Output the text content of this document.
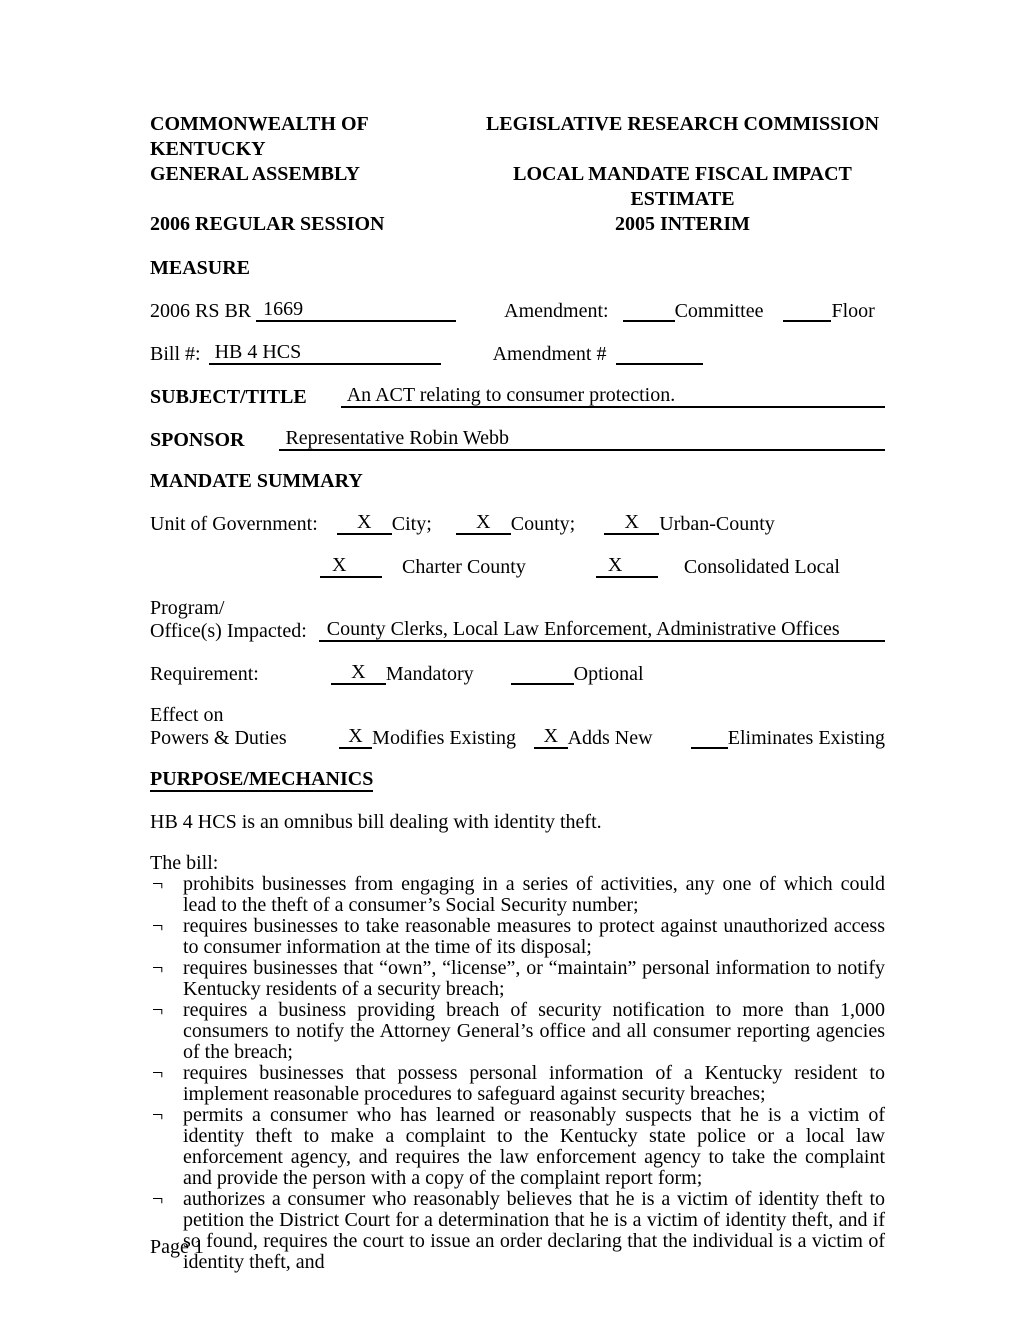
COMMONWEALTH OF KENTUCKY
LEGISLATIVE RESEARCH COMMISSION
GENERAL ASSEMBLY	LOCAL MANDATE FISCAL IMPACT ESTIMATE
2006 REGULAR SESSION	2005 INTERIM
MEASURE
2006 RS BR 1669	Amendment:	Committee	Floor
Bill #: HB 4 HCS	Amendment #
SUBJECT/TITLE	An ACT relating to consumer protection.
SPONSOR	Representative Robin Webb
MANDATE SUMMARY
Unit of Government:	X	City;	X	County;	X	Urban-County
X	Charter County	X	Consolidated Local
Program/
Office(s) Impacted:	County Clerks, Local Law Enforcement, Administrative Offices
Requirement:	X	Mandatory	Optional
Effect on
Powers & Duties	X Modifies Existing	X Adds New	Eliminates Existing
PURPOSE/MECHANICS
HB 4 HCS is an omnibus bill dealing with identity theft.
The bill:
¬ prohibits businesses from engaging in a series of activities, any one of which could lead to the theft of a consumer’s Social Security number;
¬ requires businesses to take reasonable measures to protect against unauthorized access to consumer information at the time of its disposal;
¬ requires businesses that “own”, “license”, or “maintain” personal information to notify Kentucky residents of a security breach;
¬ requires a business providing breach of security notification to more than 1,000 consumers to notify the Attorney General’s office and all consumer reporting agencies of the breach;
¬ requires businesses that possess personal information of a Kentucky resident to implement reasonable procedures to safeguard against security breaches;
¬ permits a consumer who has learned or reasonably suspects that he is a victim of identity theft to make a complaint to the Kentucky state police or a local law enforcement agency, and requires the law enforcement agency to take the complaint and provide the person with a copy of the complaint report form;
¬ authorizes a consumer who reasonably believes that he is a victim of identity theft to petition the District Court for a determination that he is a victim of identity theft, and if so found, requires the court to issue an order declaring that the individual is a victim of identity theft, and
Page 1
